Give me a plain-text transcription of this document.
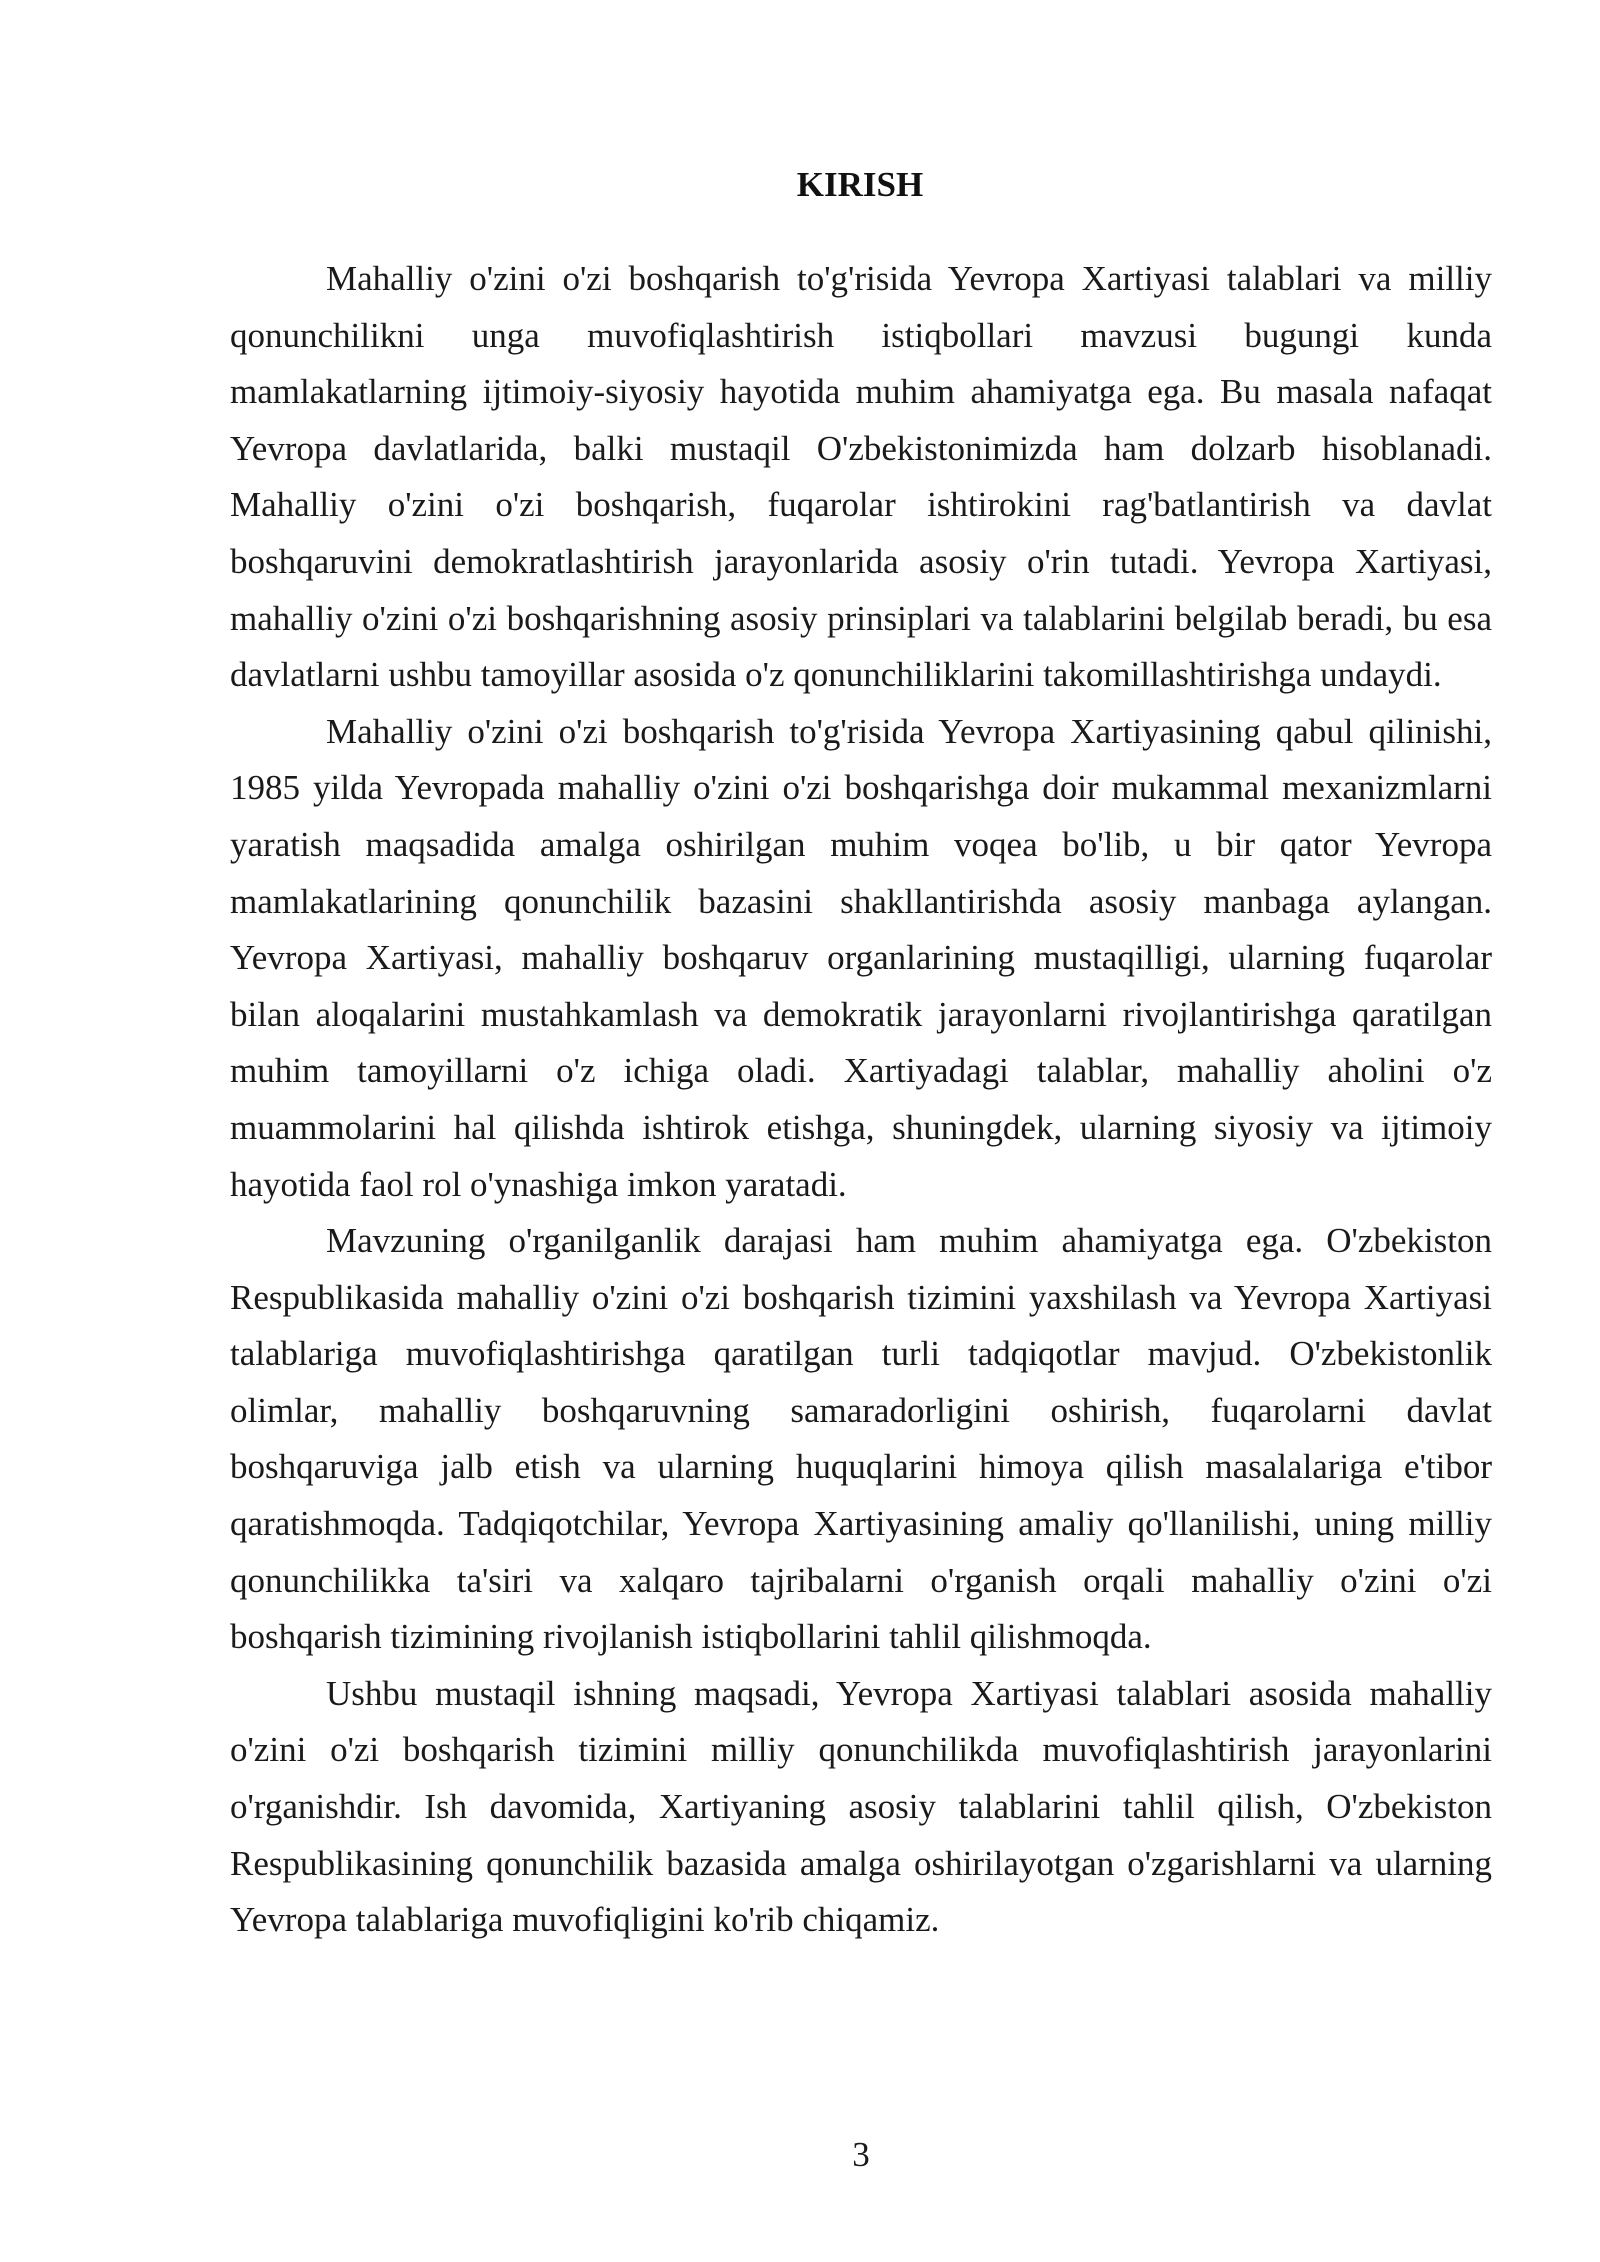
KIRISH

Mahalliy o'zini o'zi boshqarish to'g'risida Yevropa Xartiyasi talablari va milliy qonunchilikni unga muvofiqlashtirish istiqbollari mavzusi bugungi kunda mamlakatlarning ijtimoiy-siyosiy hayotida muhim ahamiyatga ega. Bu masala nafaqat Yevropa davlatlarida, balki mustaqil O'zbekistonimizda ham dolzarb hisoblanadi. Mahalliy o'zini o'zi boshqarish, fuqarolar ishtirokini rag'batlantirish va davlat boshqaruvini demokratlashtirish jarayonlarida asosiy o'rin tutadi. Yevropa Xartiyasi, mahalliy o'zini o'zi boshqarishning asosiy prinsiplari va talablarini belgilab beradi, bu esa davlatlarni ushbu tamoyillar asosida o'z qonunchiliklarini takomillashtirishga undaydi.

Mahalliy o'zini o'zi boshqarish to'g'risida Yevropa Xartiyasining qabul qilinishi, 1985 yilda Yevropada mahalliy o'zini o'zi boshqarishga doir mukammal mexanizmlarni yaratish maqsadida amalga oshirilgan muhim voqea bo'lib, u bir qator Yevropa mamlakatlarining qonunchilik bazasini shakllantirishda asosiy manbaga aylangan. Yevropa Xartiyasi, mahalliy boshqaruv organlarining mustaqilligi, ularning fuqarolar bilan aloqalarini mustahkamlash va demokratik jarayonlarni rivojlantirishga qaratilgan muhim tamoyillarni o'z ichiga oladi. Xartiyadagi talablar, mahalliy aholini o'z muammolarini hal qilishda ishtirok etishga, shuningdek, ularning siyosiy va ijtimoiy hayotida faol rol o'ynashiga imkon yaratadi.

Mavzuning o'rganilganlik darajasi ham muhim ahamiyatga ega. O'zbekiston Respublikasida mahalliy o'zini o'zi boshqarish tizimini yaxshilash va Yevropa Xartiyasi talablariga muvofiqlashtirishga qaratilgan turli tadqiqotlar mavjud. O'zbekistonlik olimlar, mahalliy boshqaruvning samaradorligini oshirish, fuqarolarni davlat boshqaruviga jalb etish va ularning huquqlarini himoya qilish masalalariga e'tibor qaratishmoqda. Tadqiqotchilar, Yevropa Xartiyasining amaliy qo'llanilishi, uning milliy qonunchilikka ta'siri va xalqaro tajribalarni o'rganish orqali mahalliy o'zini o'zi boshqarish tizimining rivojlanish istiqbollarini tahlil qilishmoqda.

Ushbu mustaqil ishning maqsadi, Yevropa Xartiyasi talablari asosida mahalliy o'zini o'zi boshqarish tizimini milliy qonunchilikda muvofiqlashtirish jarayonlarini o'rganishdir. Ish davomida, Xartiyaning asosiy talablarini tahlil qilish, O'zbekiston Respublikasining qonunchilik bazasida amalga oshirilayotgan o'zgarishlarni va ularning Yevropa talablariga muvofiqligini ko'rib chiqamiz.

3
